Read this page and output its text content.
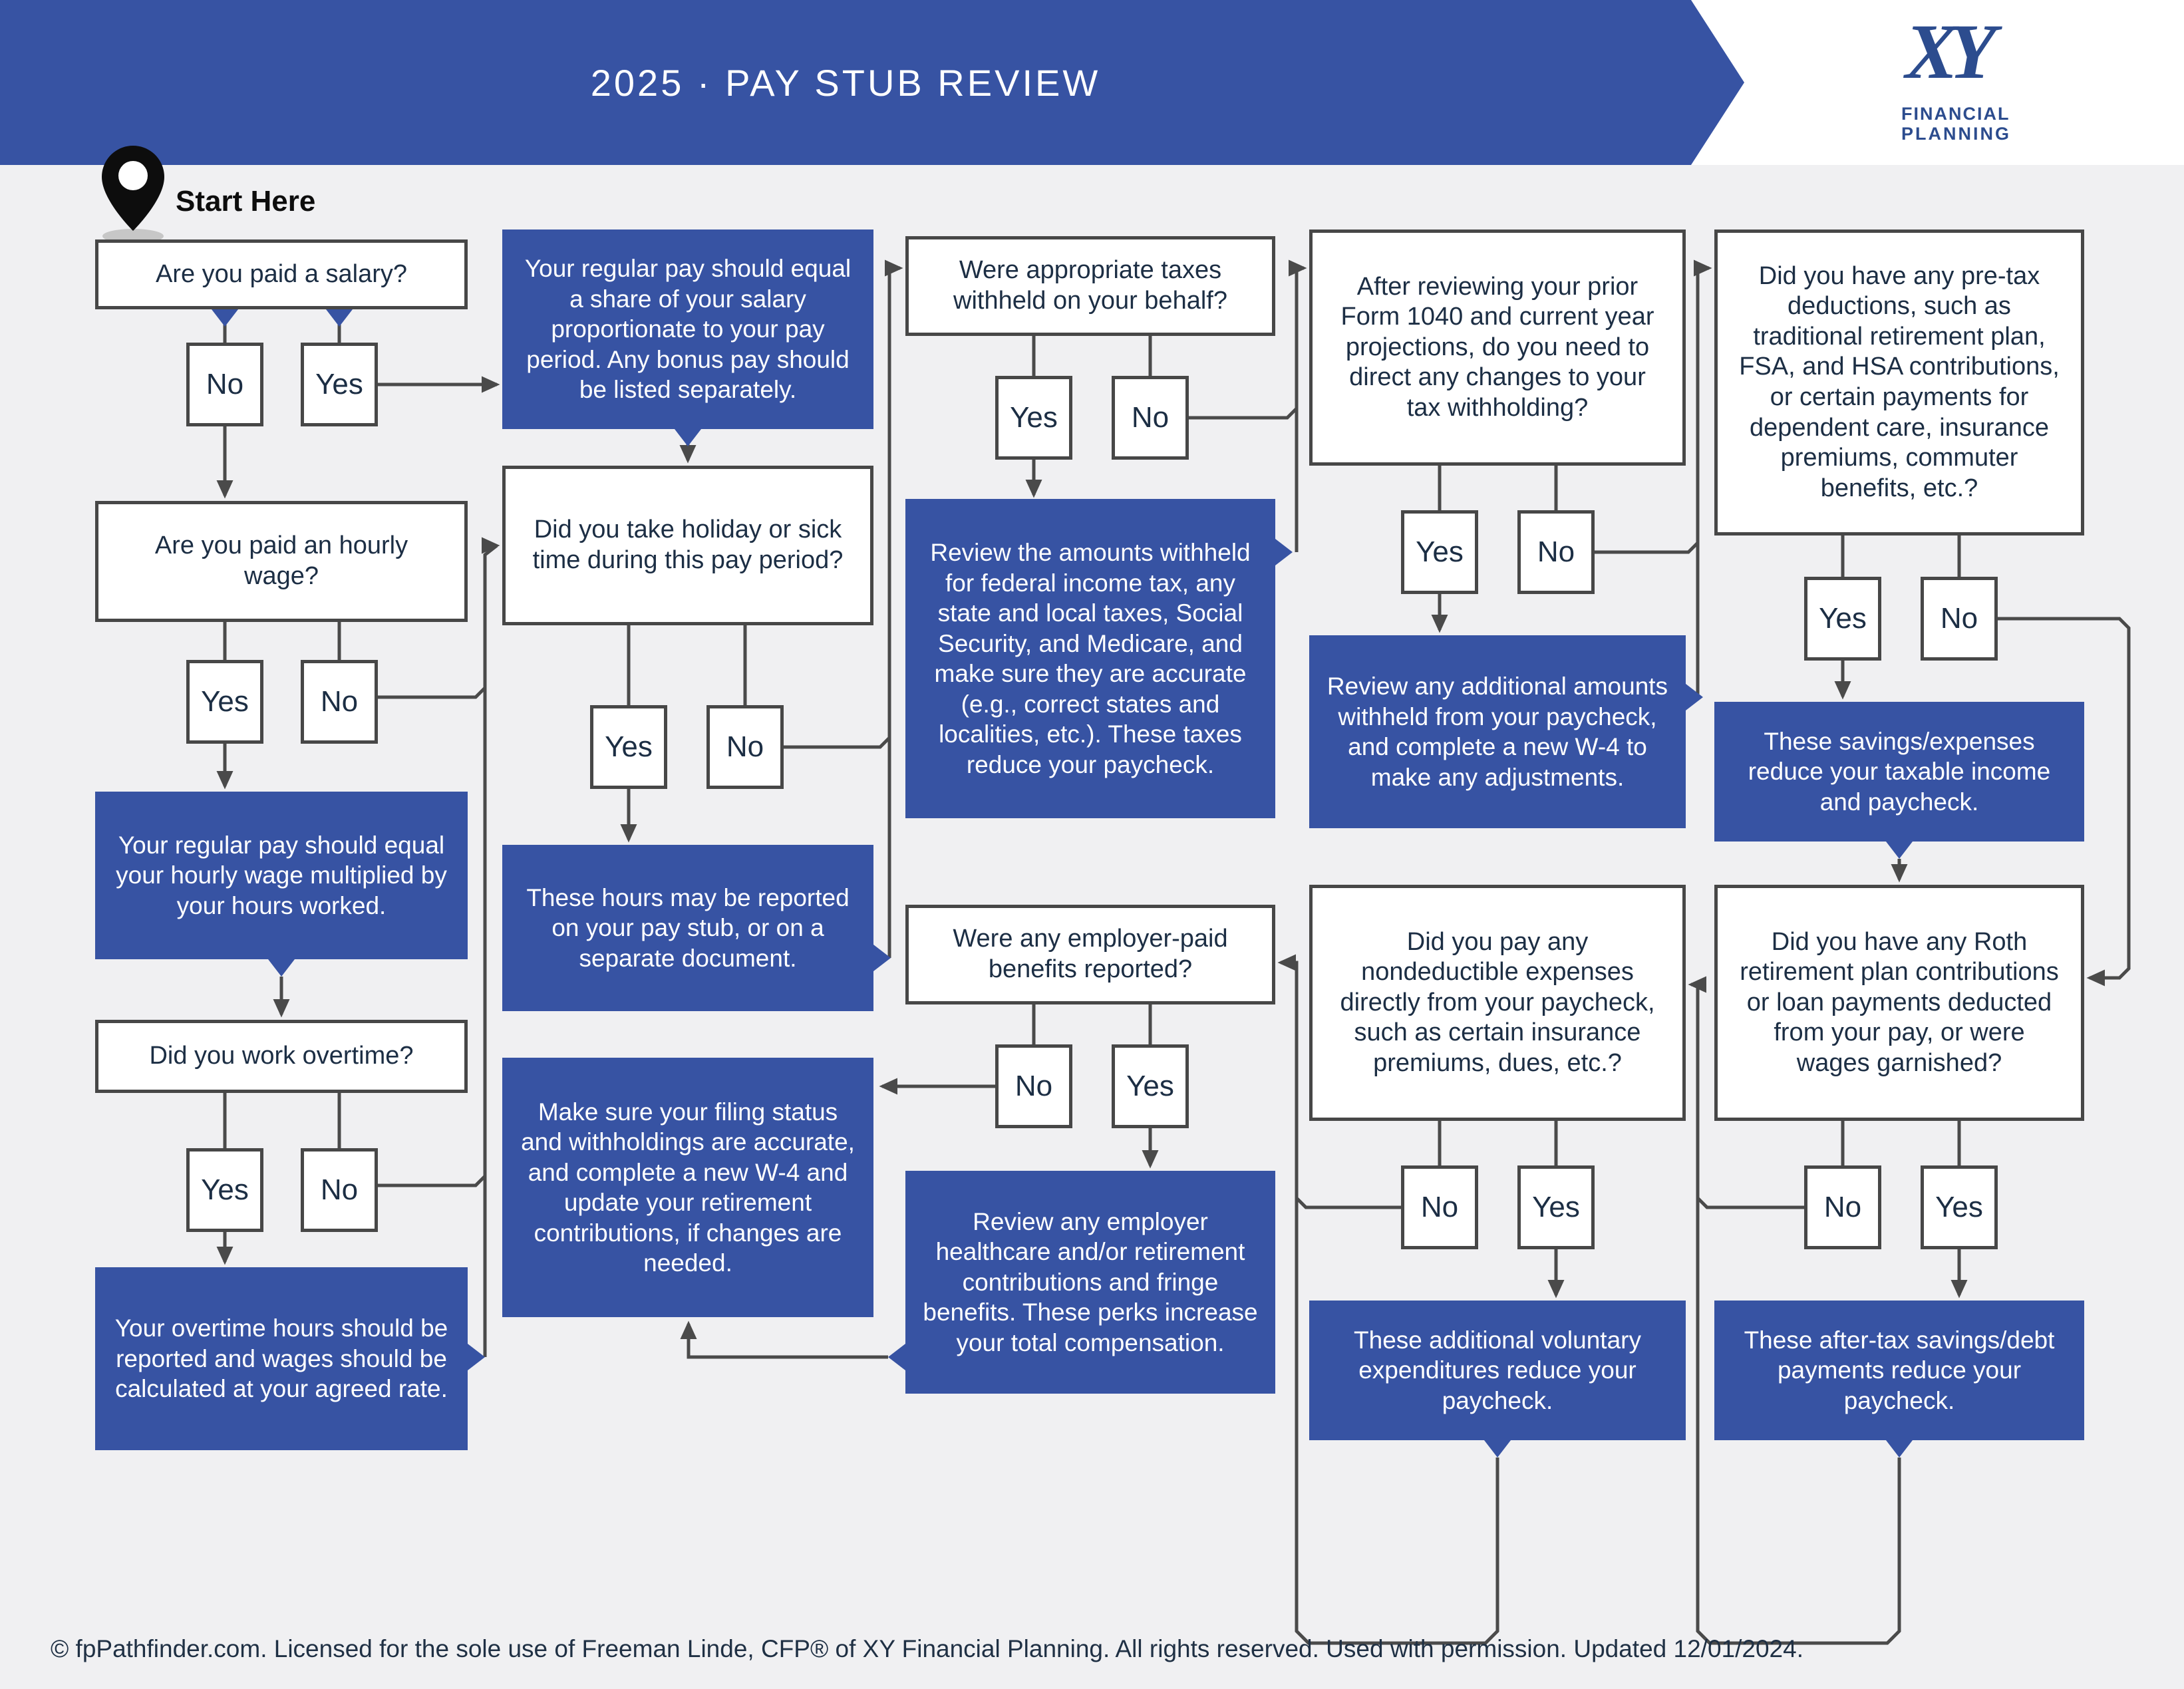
2025 · PAY STUB REVIEW	XY
FINANCIAL
PLANNING
Start Here
Are you paid a salary?
Are you paid an hourly wage?
Your regular pay should equal your hourly wage multiplied by your hours worked.
Did you work overtime?
Your overtime hours should be reported and wages should be calculated at your agreed rate.
Your regular pay should equal a share of your salary proportionate to your pay period. Any bonus pay should be listed separately.
Did you take holiday or sick time during this pay period?
These hours may be reported on your pay stub, or on a separate document.
Make sure your filing status and withholdings are accurate, and complete a new W-4 and update your retirement contributions, if changes are needed.
Were appropriate taxes withheld on your behalf?
Review the amounts withheld for federal income tax, any state and local taxes, Social Security, and Medicare, and make sure they are accurate (e.g., correct states and localities, etc.). These taxes reduce your paycheck.
Were any employer-paid benefits reported?
Review any employer healthcare and/or retirement contributions and fringe benefits. These perks increase your total compensation.
After reviewing your prior Form 1040 and current year projections, do you need to direct any changes to your tax withholding?
Review any additional amounts withheld from your paycheck, and complete a new W-4 to make any adjustments.
Did you pay any nondeductible expenses directly from your paycheck, such as certain insurance premiums, dues, etc.?
These additional voluntary expenditures reduce your paycheck.
Did you have any pre-tax deductions, such as traditional retirement plan, FSA, and HSA contributions, or certain payments for dependent care, insurance premiums, commuter benefits, etc.?
These savings/expenses reduce your taxable income and paycheck.
Did you have any Roth retirement plan contributions or loan payments deducted from your pay, or were wages garnished?
These after-tax savings/debt payments reduce your paycheck.
No	Yes
Yes	No
Yes	No
Yes	No
Yes	No
No	Yes
Yes	No
No	Yes
Yes	No
No	Yes
© fpPathfinder.com. Licensed for the sole use of Freeman Linde, CFP® of XY Financial Planning. All rights reserved. Used with permission. Updated 12/01/2024.
